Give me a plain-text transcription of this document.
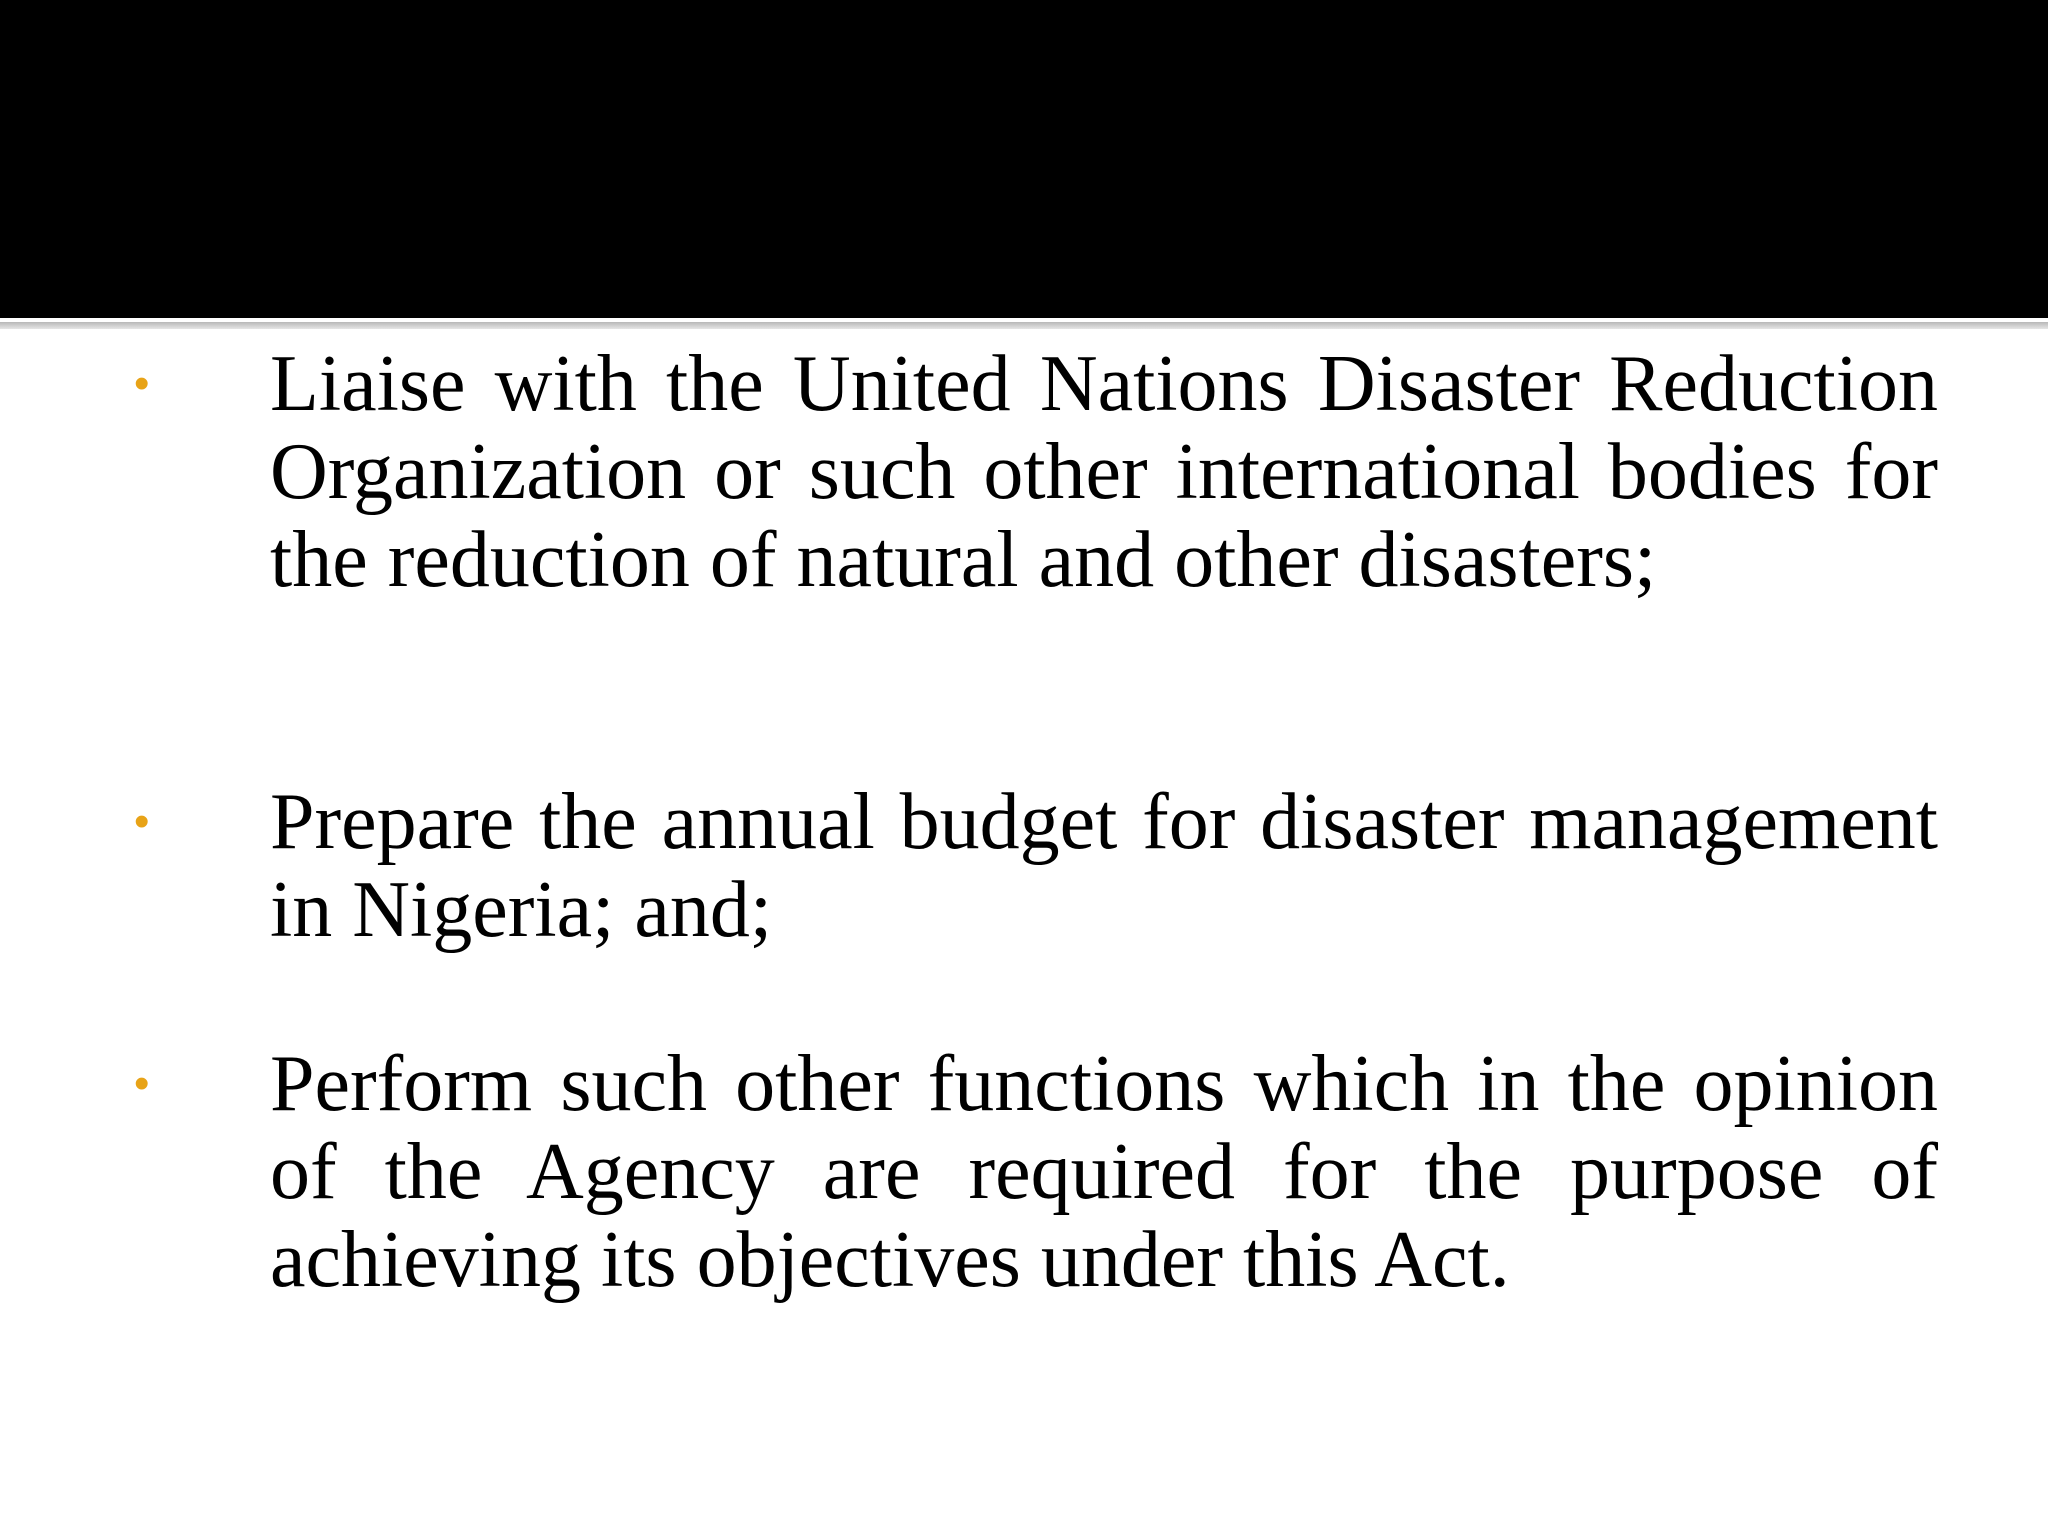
•	Liaise with the United Nations Disaster Reduction Organization or such other international bodies for the reduction of natural and other disasters;

•	Prepare the annual budget for disaster management in Nigeria; and;

•	Perform such other functions which in the opinion of the Agency are required for the purpose of achieving its objectives under this Act.
